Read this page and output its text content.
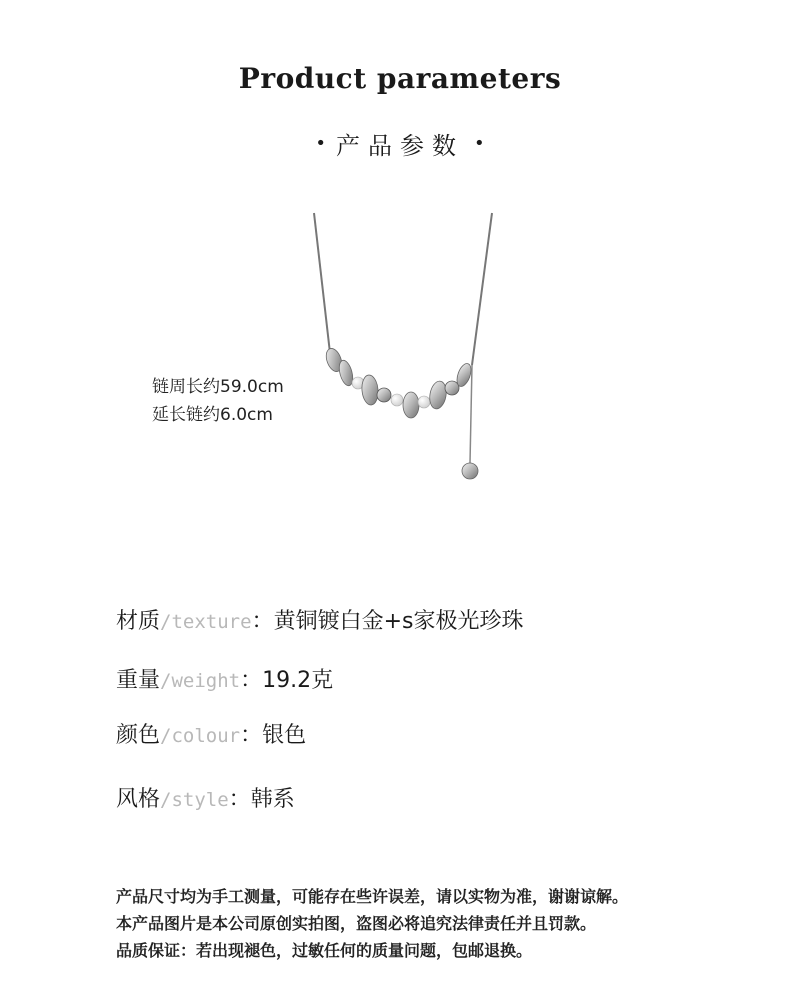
Product parameters
• 产品参数 •
链周长约59.0cm
延长链约6.0cm
材质/texture：黄铜镀白金+s家极光珍珠
重量/weight：19.2克
颜色/colour：银色
风格/style：韩系
产品尺寸均为手工测量，可能存在些许误差，请以实物为准，谢谢谅解。
本产品图片是本公司原创实拍图，盗图必将追究法律责任并且罚款。
品质保证：若出现褪色，过敏任何的质量问题，包邮退换。
